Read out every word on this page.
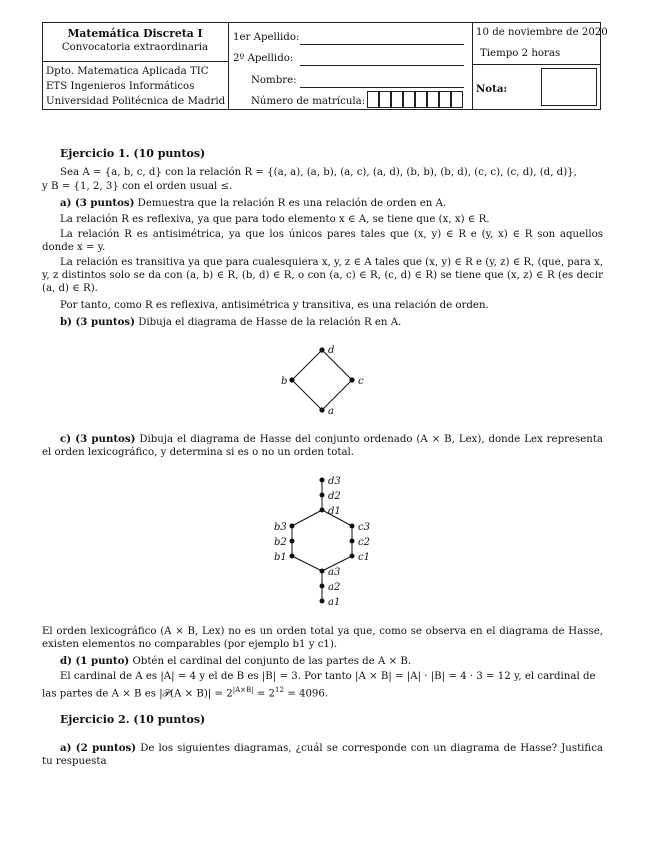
Matemática Discreta I
Convocatoria extraordinaria
Dpto. Matematica Aplicada TIC
ETS Ingenieros Informáticos
Universidad Politécnica de Madrid
1er Apellido:
2º Apellido:
Nombre:
Número de matrícula:
10 de noviembre de 2020
Tiempo 2 horas
Nota:
Ejercicio 1. (10 puntos)
Sea A = {a, b, c, d} con la relación R = {(a, a), (a, b), (a, c), (a, d), (b, b), (b, d), (c, c), (c, d), (d, d)},
y B = {1, 2, 3} con el orden usual ≤.
a) (3 puntos) Demuestra que la relación R es una relación de orden en A.
La relación R es reflexiva, ya que para todo elemento x ∈ A, se tiene que (x, x) ∈ R.
La relación R es antisimétrica, ya que los únicos pares tales que (x, y) ∈ R e (y, x) ∈ R son aquellos donde x = y.
La relación es transitiva ya que para cualesquiera x, y, z ∈ A tales que (x, y) ∈ R e (y, z) ∈ R, (que, para x, y, z distintos solo se da con (a, b) ∈ R, (b, d) ∈ R, o con (a, c) ∈ R, (c, d) ∈ R) se tiene que (x, z) ∈ R (es decir (a, d) ∈ R).
Por tanto, como R es reflexiva, antisimétrica y transitiva, es una relación de orden.
b) (3 puntos) Dibuja el diagrama de Hasse de la relación R en A.
d
b	c
a
c) (3 puntos) Dibuja el diagrama de Hasse del conjunto ordenado (A × B, Lex), donde Lex representa el orden lexicográfico, y determina si es o no un orden total.
d3
d2
d1
b3
b2
b1
c3
c2
c1
a3
a2
a1
El orden lexicográfico (A × B, Lex) no es un orden total ya que, como se observa en el diagrama de Hasse, existen elementos no comparables (por ejemplo b1 y c1).
d) (1 punto) Obtén el cardinal del conjunto de las partes de A × B.
El cardinal de A es |A| = 4 y el de B es |B| = 3. Por tanto |A × B| = |A| · |B| = 4 · 3 = 12 y, el cardinal de
las partes de A × B es |𝒫(A × $B)| = 2^{|A\times B|} = 2^{12} = 4096$.
Ejercicio 2. (10 puntos)
a) (2 puntos) De los siguientes diagramas, ¿cuál se corresponde con un diagrama de Hasse? Justifica tu respuesta
